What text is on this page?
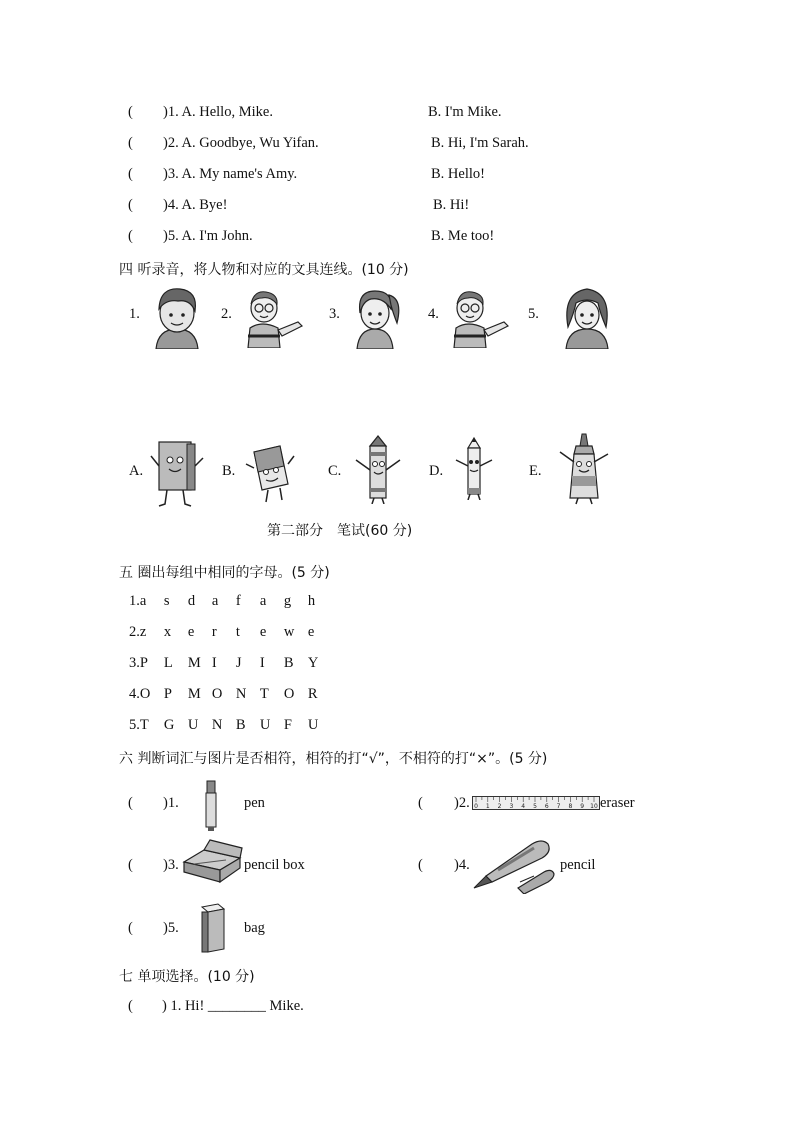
( )1. A. Hello, Mike.	B. I'm Mike.
( )2. A. Goodbye, Wu Yifan.	B. Hi, I'm Sarah.
( )3. A. My name's Amy.	B. Hello!
( )4. A. Bye!	B. Hi!
( )5. A. I'm John.	B. Me too!
四 听录音，将人物和对应的文具连线。(10 分)
1.	2.	3.	4.	5.
A.	B.	C.	D.	E.
第二部分　笔试(60 分)
五 圈出每组中相同的字母。(5 分)
1.a s d a f a g h
2.z x e r t e w e
3.P L M I J I B Y
4.O P M O N T O R
5.T G U N B U F U
六 判断词汇与图片是否相符，相符的打“√”，不相符的打“×”。(5 分)
( )1.	pen	( )2. 0 1 2 3 4 5 6 7 8 9 10 eraser
( )3.	pencil box	( )4.	pencil
( )5.	bag
七 单项选择。(10 分)
( ) 1. Hi! ________ Mike.
